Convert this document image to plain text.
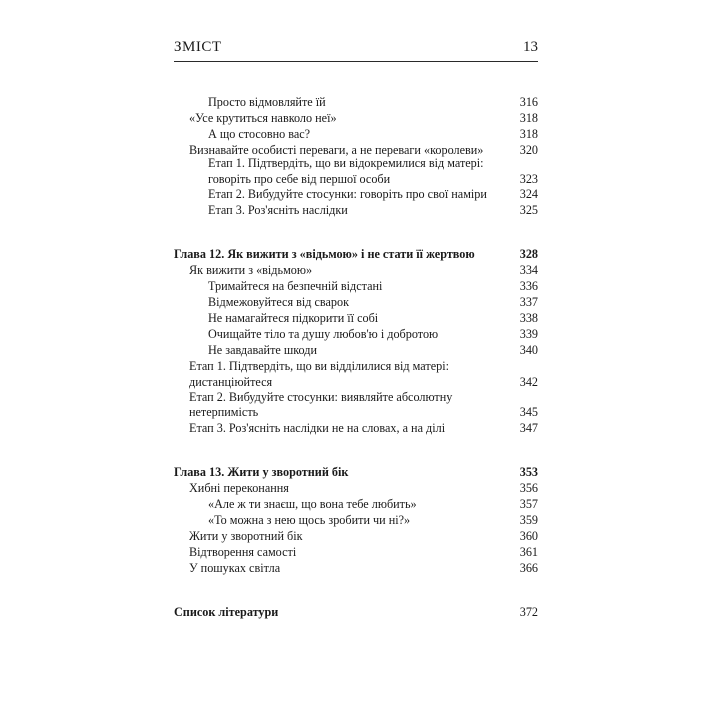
ЗМІСТ	13
Просто відмовляйте їй	316
«Усе крутиться навколо неї»	318
А що стосовно вас?	318
Визнавайте особисті переваги, а не переваги «королеви»	320
Етап 1. Підтвердіть, що ви відокремилися від матері:
говоріть про себе від першої особи	323
Етап 2. Вибудуйте стосунки: говоріть про свої наміри	324
Етап 3. Роз'ясніть наслідки	325
Глава 12. Як вижити з «відьмою» і не стати її жертвою	328
Як вижити з «відьмою»	334
Тримайтеся на безпечній відстані	336
Відмежовуйтеся від сварок	337
Не намагайтеся підкорити її собі	338
Очищайте тіло та душу любов'ю і добротою	339
Не завдавайте шкоди	340
Етап 1. Підтвердіть, що ви відділилися від матері:
дистанціюйтеся	342
Етап 2. Вибудуйте стосунки: виявляйте абсолютну
нетерпимість	345
Етап 3. Роз'ясніть наслідки не на словах, а на ділі	347
Глава 13. Жити у зворотний бік	353
Хибні переконання	356
«Але ж ти знаєш, що вона тебе любить»	357
«То можна з нею щось зробити чи ні?»	359
Жити у зворотний бік	360
Відтворення самості	361
У пошуках світла	366
Список літератури	372
